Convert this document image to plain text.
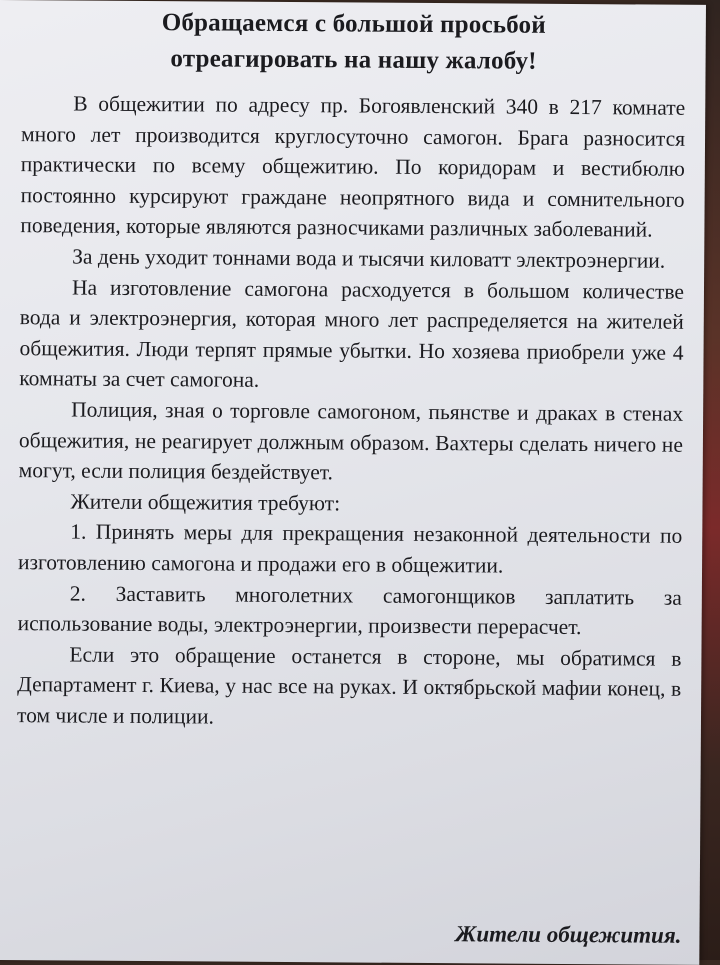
Обращаемся с большой просьбой
отреагировать на нашу жалобу!

В общежитии по адресу пр. Богоявленский 340 в 217 комнате много лет производится круглосуточно самогон. Брага разносится практически по всему общежитию. По коридорам и вестибюлю постоянно курсируют граждане неопрятного вида и сомнительного поведения, которые являются разносчиками различных заболеваний.

За день уходит тоннами вода и тысячи киловатт электроэнергии.

На изготовление самогона расходуется в большом количестве вода и электроэнергия, которая много лет распределяется на жителей общежития. Люди терпят прямые убытки. Но хозяева приобрели уже 4 комнаты за счет самогона.

Полиция, зная о торговле самогоном, пьянстве и драках в стенах общежития, не реагирует должным образом. Вахтеры сделать ничего не могут, если полиция бездействует.

Жители общежития требуют:

1. Принять меры для прекращения незаконной деятельности по изготовлению самогона и продажи его в общежитии.

2. Заставить многолетних самогонщиков заплатить за использование воды, электроэнергии, произвести перерасчет.

Если это обращение останется в стороне, мы обратимся в Департамент г. Киева, у нас все на руках. И октябрьской мафии конец, в том числе и полиции.

Жители общежития.
